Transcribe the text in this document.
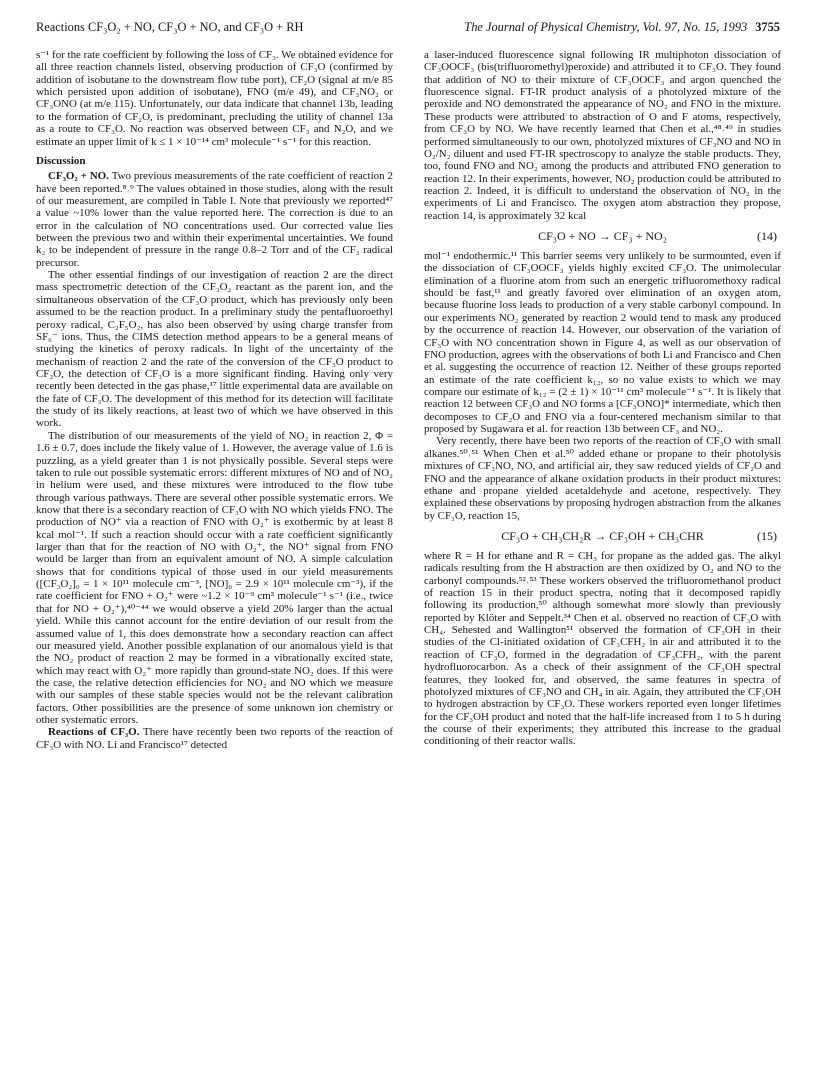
Reactions CF₃O₂ + NO, CF₃O + NO, and CF₃O + RH	The Journal of Physical Chemistry, Vol. 97, No. 15, 1993 3755

s⁻¹ for the rate coefficient by following the loss of CF₃. We obtained evidence for all three reaction channels listed, observing production of CF₃O (confirmed by addition of isobutane to the downstream flow tube port), CF₂O (signal at m/e 85 which persisted upon addition of isobutane), FNO (m/e 49), and CF₃NO₂ or CF₃ONO (at m/e 115). Unfortunately, our data indicate that channel 13b, leading to the formation of CF₂O, is predominant, precluding the utility of channel 13a as a route to CF₃O. No reaction was observed between CF₃ and N₂O, and we estimate an upper limit of k ≤ 1 × 10⁻¹⁴ cm³ molecule⁻¹ s⁻¹ for this reaction.

Discussion

CF₃O₂ + NO. Two previous measurements of the rate coefficient of reaction 2 have been reported.⁸˒⁹ The values obtained in those studies, along with the result of our measurement, are compiled in Table I. Note that previously we reported⁴⁷ a value ~10% lower than the value reported here. The correction is due to an error in the calculation of NO concentrations used. Our corrected value lies between the previous two and within their experimental uncertainties. We found k₂ to be independent of pressure in the range 0.8–2 Torr and of the CF₃ radical precursor.

The other essential findings of our investigation of reaction 2 are the direct mass spectrometric detection of the CF₃O₂ reactant as the parent ion, and the simultaneous observation of the CF₃O product, which has previously only been assumed to be the reaction product. In a preliminary study the pentafluoroethyl peroxy radical, C₂F₅O₂, has also been observed by using charge transfer from SF₆⁻ ions. Thus, the CIMS detection method appears to be a general means of studying the kinetics of peroxy radicals. In light of the uncertainty of the mechanism of reaction 2 and the rate of the conversion of the CF₃O product to CF₂O, the detection of CF₃O is a more significant finding. Having only very recently been detected in the gas phase,¹⁷ little experimental data are available on the fate of CF₃O. The development of this method for its detection will facilitate the study of its likely reactions, at least two of which we have observed in this work.

The distribution of our measurements of the yield of NO₂ in reaction 2, Φ = 1.6 ± 0.7, does include the likely value of 1. However, the average value of 1.6 is puzzling, as a yield greater than 1 is not physically possible. Several steps were taken to rule out possible systematic errors: different mixtures of NO and of NO₂ in helium were used, and these mixtures were introduced to the flow tube through various pathways. There are several other possible systematic errors. We know that there is a secondary reaction of CF₃O with NO which yields FNO. The production of NO⁺ via a reaction of FNO with O₂⁺ is exothermic by at least 8 kcal mol⁻¹. If such a reaction should occur with a rate coefficient significantly larger than that for the reaction of NO with O₂⁺, the NO⁺ signal from FNO would be larger than from an equivalent amount of NO. A simple calculation shows that for conditions typical of those used in our yield measurements ([CF₃O₂]₀ = 1 × 10¹¹ molecule cm⁻³, [NO]₀ = 2.9 × 10¹¹ molecule cm⁻³), if the rate coefficient for FNO + O₂⁺ were ~1.2 × 10⁻⁹ cm³ molecule⁻¹ s⁻¹ (i.e., twice that for NO + O₂⁺),⁴⁰⁻⁴⁴ we would observe a yield 20% larger than the actual yield. While this cannot account for the entire deviation of our result from the assumed value of 1, this does demonstrate how a secondary reaction can affect our measured yield. Another possible explanation of our anomalous yield is that the NO₂ product of reaction 2 may be formed in a vibrationally excited state, which may react with O₂⁺ more rapidly than ground-state NO₂ does. If this were the case, the relative detection efficiencies for NO₂ and NO which we measure with our samples of these stable species would not be the relevant calibration factors. Other possibilities are the presence of some unknown ion chemistry or other systematic errors.

Reactions of CF₃O. There have recently been two reports of the reaction of CF₃O with NO. Li and Francisco¹⁷ detected

a laser-induced fluorescence signal following IR multiphoton dissociation of CF₃OOCF₃ (bis(trifluoromethyl)peroxide) and attributed it to CF₃O. They found that addition of NO to their mixture of CF₃OOCF₃ and argon quenched the fluorescence signal. FT-IR product analysis of a photolyzed mixture of the peroxide and NO demonstrated the appearance of NO₂ and FNO in the mixture. These products were attributed to abstraction of O and F atoms, respectively, from CF₃O by NO. We have recently learned that Chen et al.,⁴⁸˒⁴⁹ in studies performed simultaneously to our own, photolyzed mixtures of CF₃NO and NO in O₂/N₂ diluent and used FT-IR spectroscopy to analyze the stable products. They, too, found FNO and NO₂ among the products and attributed FNO generation to reaction 12. In their experiments, however, NO₂ production could be attributed to reaction 2. Indeed, it is difficult to understand the observation of NO₂ in the experiments of Li and Francisco. The oxygen atom abstraction they propose, reaction 14, is approximately 32 kcal

CF₃O + NO → CF₃ + NO₂	(14)

mol⁻¹ endothermic.¹¹ This barrier seems very unlikely to be surmounted, even if the dissociation of CF₃OOCF₃ yields highly excited CF₃O. The unimolecular elimination of a fluorine atom from such an energetic trifluoromethoxy radical should be fast,¹¹ and greatly favored over elimination of an oxygen atom, because fluorine loss leads to production of a very stable carbonyl compound. In our experiments NO₂ generated by reaction 2 would tend to mask any produced by the occurrence of reaction 14. However, our observation of the variation of CF₃O with NO concentration shown in Figure 4, as well as our observation of FNO production, agrees with the observations of both Li and Francisco and Chen et al. suggesting the occurrence of reaction 12. Neither of these groups reported an estimate of the rate coefficient k₁₂, so no value exists to which we may compare our estimate of k₁₂ = (2 ± 1) × 10⁻¹¹ cm³ molecule⁻¹ s⁻¹. It is likely that reaction 12 between CF₃O and NO forms a [CF₃ONO]* intermediate, which then decomposes to CF₂O and FNO via a four-centered mechanism similar to that proposed by Sugawara et al. for reaction 13b between CF₃ and NO₂.

Very recently, there have been two reports of the reaction of CF₃O with small alkanes.⁵⁰˒⁵¹ When Chen et al.⁵⁰ added ethane or propane to their photolysis mixtures of CF₃NO, NO, and artificial air, they saw reduced yields of CF₂O and FNO and the appearance of alkane oxidation products in their product mixtures: ethane and propane yielded acetaldehyde and acetone, respectively. They explained these observations by proposing hydrogen abstraction from the alkanes by CF₃O, reaction 15,

CF₃O + CH₃CH₂R → CF₃OH + CH₃CHR	(15)

where R = H for ethane and R = CH₃ for propane as the added gas. The alkyl radicals resulting from the H abstraction are then oxidized by O₂ and NO to the carbonyl compounds.⁵²˒⁵³ These workers observed the trifluoromethanol product of reaction 15 in their product spectra, noting that it decomposed rapidly following its production,⁵⁰ although somewhat more slowly than previously reported by Klöter and Seppelt.³⁴ Chen et al. observed no reaction of CF₃O with CH₄. Sehested and Wallington⁵¹ observed the formation of CF₃OH in their studies of the Cl-initiated oxidation of CF₃CFH₂ in air and attributed it to the reaction of CF₃O, formed in the degradation of CF₃CFH₂, with the parent hydrofluorocarbon. As a check of their assignment of the CF₃OH spectral features, they looked for, and observed, the same features in spectra of photolyzed mixtures of CF₃NO and CH₄ in air. Again, they attributed the CF₃OH to hydrogen abstraction by CF₃O. These workers reported even longer lifetimes for the CF₃OH product and noted that the half-life increased from 1 to 5 h during the course of their experiments; they attributed this increase to the gradual conditioning of their reactor walls.
